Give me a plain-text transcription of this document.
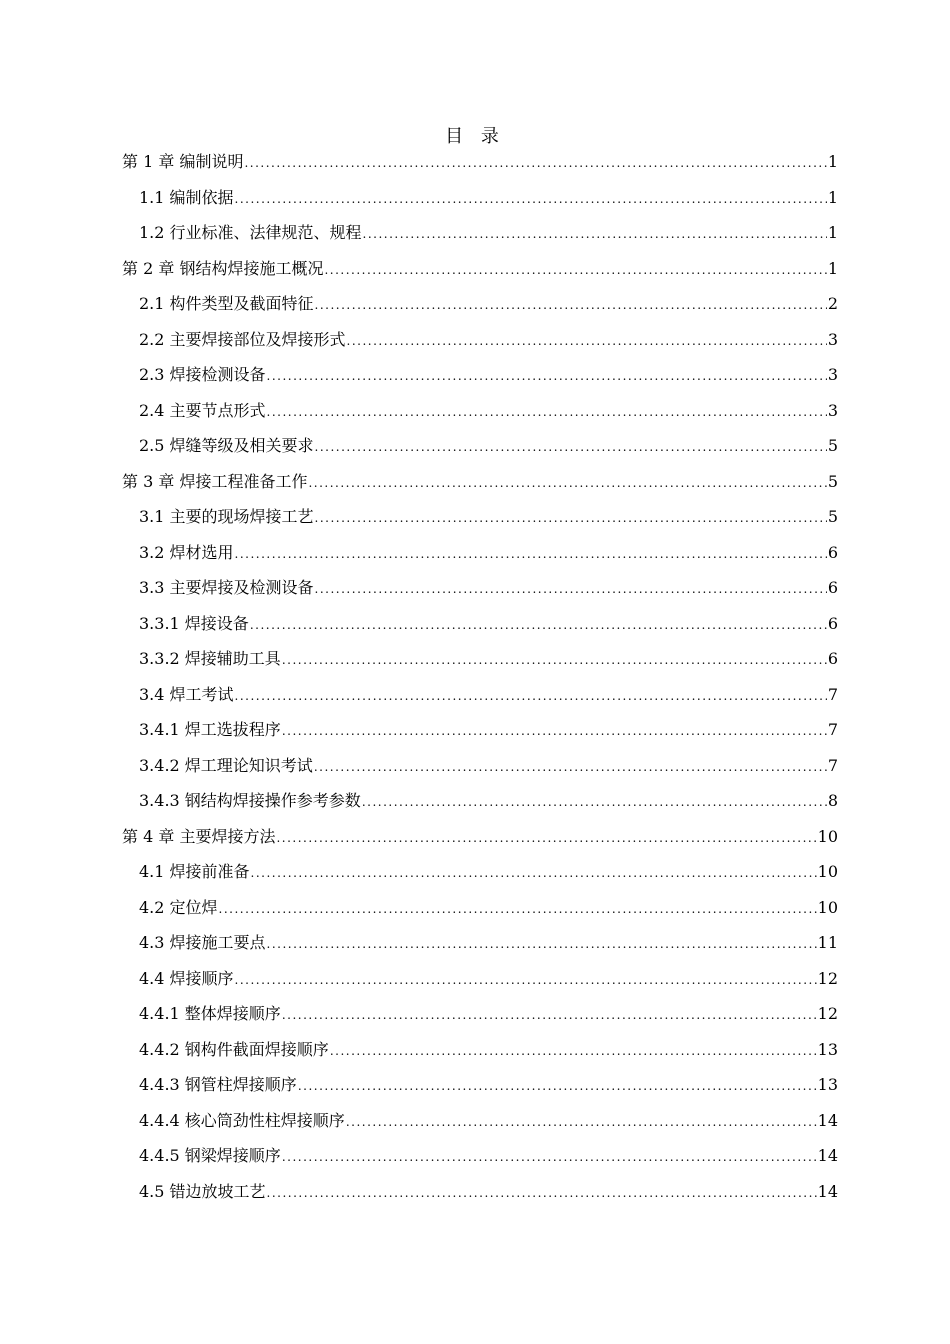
目 录
第 1 章 编制说明 .....	1
1.1 编制依据 .....	1
1.2 行业标准、法律规范、规程 .....	1
第 2 章 钢结构焊接施工概况 .....	1
2.1 构件类型及截面特征 .....	2
2.2 主要焊接部位及焊接形式 .....	3
2.3 焊接检测设备 .....	3
2.4 主要节点形式 .....	3
2.5 焊缝等级及相关要求 .....	5
第 3 章 焊接工程准备工作 .....	5
3.1 主要的现场焊接工艺 .....	5
3.2 焊材选用 .....	6
3.3 主要焊接及检测设备 .....	6
3.3.1 焊接设备 .....	6
3.3.2 焊接辅助工具 .....	6
3.4 焊工考试 .....	7
3.4.1 焊工选拔程序 .....	7
3.4.2 焊工理论知识考试 .....	7
3.4.3 钢结构焊接操作参考参数 .....	8
第 4 章 主要焊接方法 .....	10
4.1 焊接前准备 .....	10
4.2 定位焊 .....	10
4.3 焊接施工要点 .....	11
4.4 焊接顺序 .....	12
4.4.1 整体焊接顺序 .....	12
4.4.2 钢构件截面焊接顺序 .....	13
4.4.3 钢管柱焊接顺序 .....	13
4.4.4 核心筒劲性柱焊接顺序 .....	14
4.4.5 钢梁焊接顺序 .....	14
4.5 错边放坡工艺 .....	14
